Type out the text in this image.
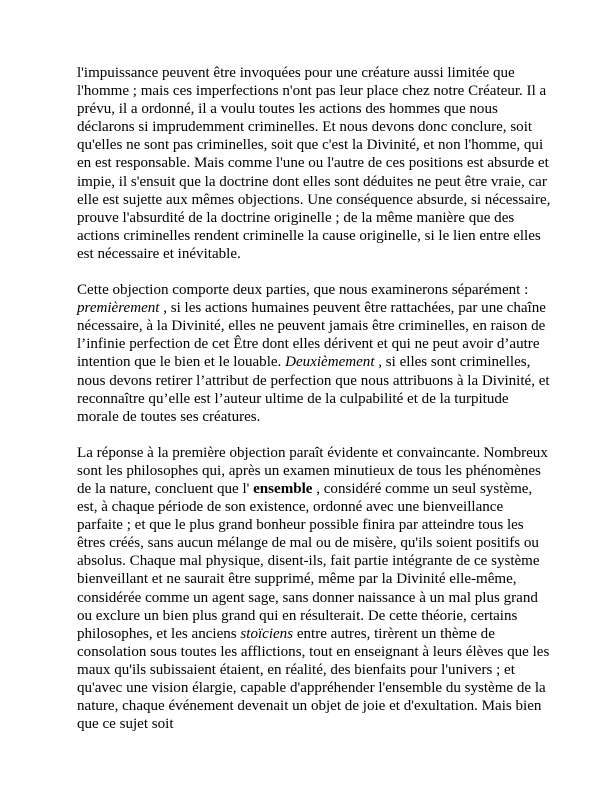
l'impuissance peuvent être invoquées pour une créature aussi limitée que l'homme ; mais ces imperfections n'ont pas leur place chez notre Créateur. Il a prévu, il a ordonné, il a voulu toutes les actions des hommes que nous déclarons si imprudemment criminelles. Et nous devons donc conclure, soit qu'elles ne sont pas criminelles, soit que c'est la Divinité, et non l'homme, qui en est responsable. Mais comme l'une ou l'autre de ces positions est absurde et impie, il s'ensuit que la doctrine dont elles sont déduites ne peut être vraie, car elle est sujette aux mêmes objections. Une conséquence absurde, si nécessaire, prouve l'absurdité de la doctrine originelle ; de la même manière que des actions criminelles rendent criminelle la cause originelle, si le lien entre elles est nécessaire et inévitable.

Cette objection comporte deux parties, que nous examinerons séparément : premièrement , si les actions humaines peuvent être rattachées, par une chaîne nécessaire, à la Divinité, elles ne peuvent jamais être criminelles, en raison de l’infinie perfection de cet Être dont elles dérivent et qui ne peut avoir d’autre intention que le bien et le louable. Deuxièmement , si elles sont criminelles, nous devons retirer l’attribut de perfection que nous attribuons à la Divinité, et reconnaître qu’elle est l’auteur ultime de la culpabilité et de la turpitude morale de toutes ses créatures.

La réponse à la première objection paraît évidente et convaincante. Nombreux sont les philosophes qui, après un examen minutieux de tous les phénomènes de la nature, concluent que l' ensemble , considéré comme un seul système, est, à chaque période de son existence, ordonné avec une bienveillance parfaite ; et que le plus grand bonheur possible finira par atteindre tous les êtres créés, sans aucun mélange de mal ou de misère, qu'ils soient positifs ou absolus. Chaque mal physique, disent-ils, fait partie intégrante de ce système bienveillant et ne saurait être supprimé, même par la Divinité elle-même, considérée comme un agent sage, sans donner naissance à un mal plus grand ou exclure un bien plus grand qui en résulterait. De cette théorie, certains philosophes, et les anciens stoïciens entre autres, tirèrent un thème de consolation sous toutes les afflictions, tout en enseignant à leurs élèves que les maux qu'ils subissaient étaient, en réalité, des bienfaits pour l'univers ; et qu'avec une vision élargie, capable d'appréhender l'ensemble du système de la nature, chaque événement devenait un objet de joie et d'exultation. Mais bien que ce sujet soit
